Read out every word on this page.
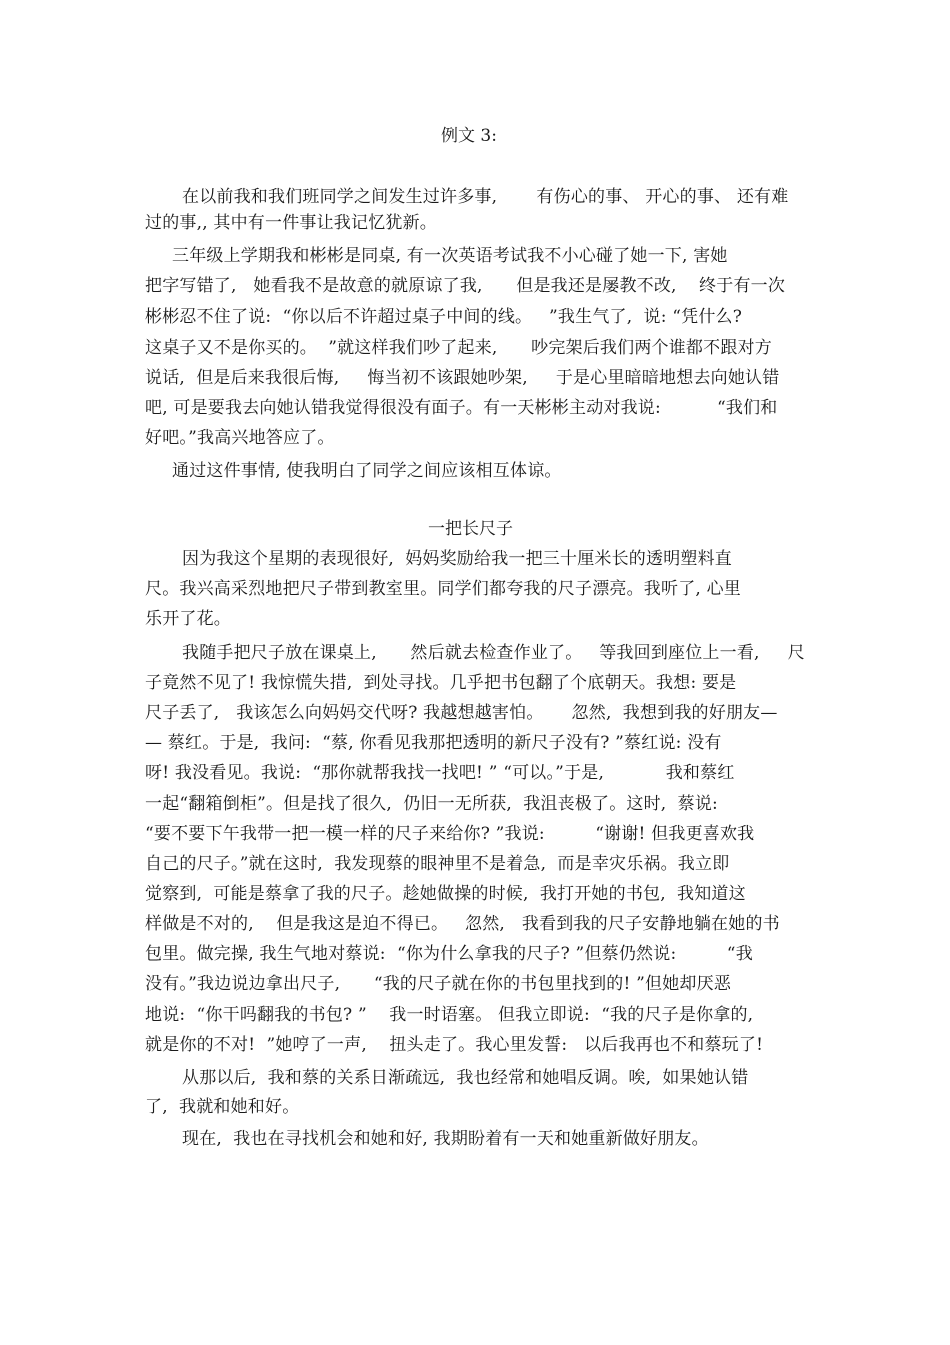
例文 3:
在以前我和我们班同学之间发生过许多事,       有伤心的事、 开心的事、 还有难
过的事,, 其中有一件事让我记忆犹新。
三年级上学期我和彬彬是同桌, 有一次英语考试我不小心碰了她一下, 害她
把字写错了,   她看我不是故意的就原谅了我,      但是我还是屡教不改,    终于有一次
彬彬忍不住了说:  “你以后不许超过桌子中间的线。   ”我生气了,  说: “凭什么?
这桌子又不是你买的。  ”就这样我们吵了起来,      吵完架后我们两个谁都不跟对方
说话,  但是后来我很后悔,     悔当初不该跟她吵架,     于是心里暗暗地想去向她认错
吧, 可是要我去向她认错我觉得很没有面子。有一天彬彬主动对我说:          “我们和
好吧。”我高兴地答应了。
通过这件事情, 使我明白了同学之间应该相互体谅。
一把长尺子
因为我这个星期的表现很好,  妈妈奖励给我一把三十厘米长的透明塑料直
尺。我兴高采烈地把尺子带到教室里。同学们都夸我的尺子漂亮。我听了, 心里
乐开了花。
我随手把尺子放在课桌上,      然后就去检查作业了。   等我回到座位上一看,     尺
子竟然不见了! 我惊慌失措,  到处寻找。几乎把书包翻了个底朝天。我想: 要是
尺子丢了,   我该怎么向妈妈交代呀? 我越想越害怕。     忽然,  我想到我的好朋友—
— 蔡红。于是,  我问:  “蔡, 你看见我那把透明的新尺子没有? ”蔡红说: 没有
呀! 我没看见。我说:  “那你就帮我找一找吧! ” “可以。”于是,           我和蔡红
一起“翻箱倒柜”。但是找了很久,  仍旧一无所获,  我沮丧极了。这时,  蔡说:
“要不要下午我带一把一模一样的尺子来给你? ”我说:         “谢谢! 但我更喜欢我
自己的尺子。”就在这时,  我发现蔡的眼神里不是着急,  而是幸灾乐祸。我立即
觉察到,  可能是蔡拿了我的尺子。趁她做操的时候,  我打开她的书包,  我知道这
样做是不对的,    但是我这是迫不得已。   忽然,   我看到我的尺子安静地躺在她的书
包里。做完操, 我生气地对蔡说:  “你为什么拿我的尺子? ”但蔡仍然说:         “我
没有。”我边说边拿出尺子,      “我的尺子就在你的书包里找到的! ”但她却厌恶
地说:  “你干吗翻我的书包? ”    我一时语塞。 但我立即说:  “我的尺子是你拿的,
就是你的不对!  ”她哼了一声,    扭头走了。我心里发誓:   以后我再也不和蔡玩了!
从那以后,  我和蔡的关系日渐疏远,  我也经常和她唱反调。唉,  如果她认错
了,  我就和她和好。
现在,  我也在寻找机会和她和好, 我期盼着有一天和她重新做好朋友。
